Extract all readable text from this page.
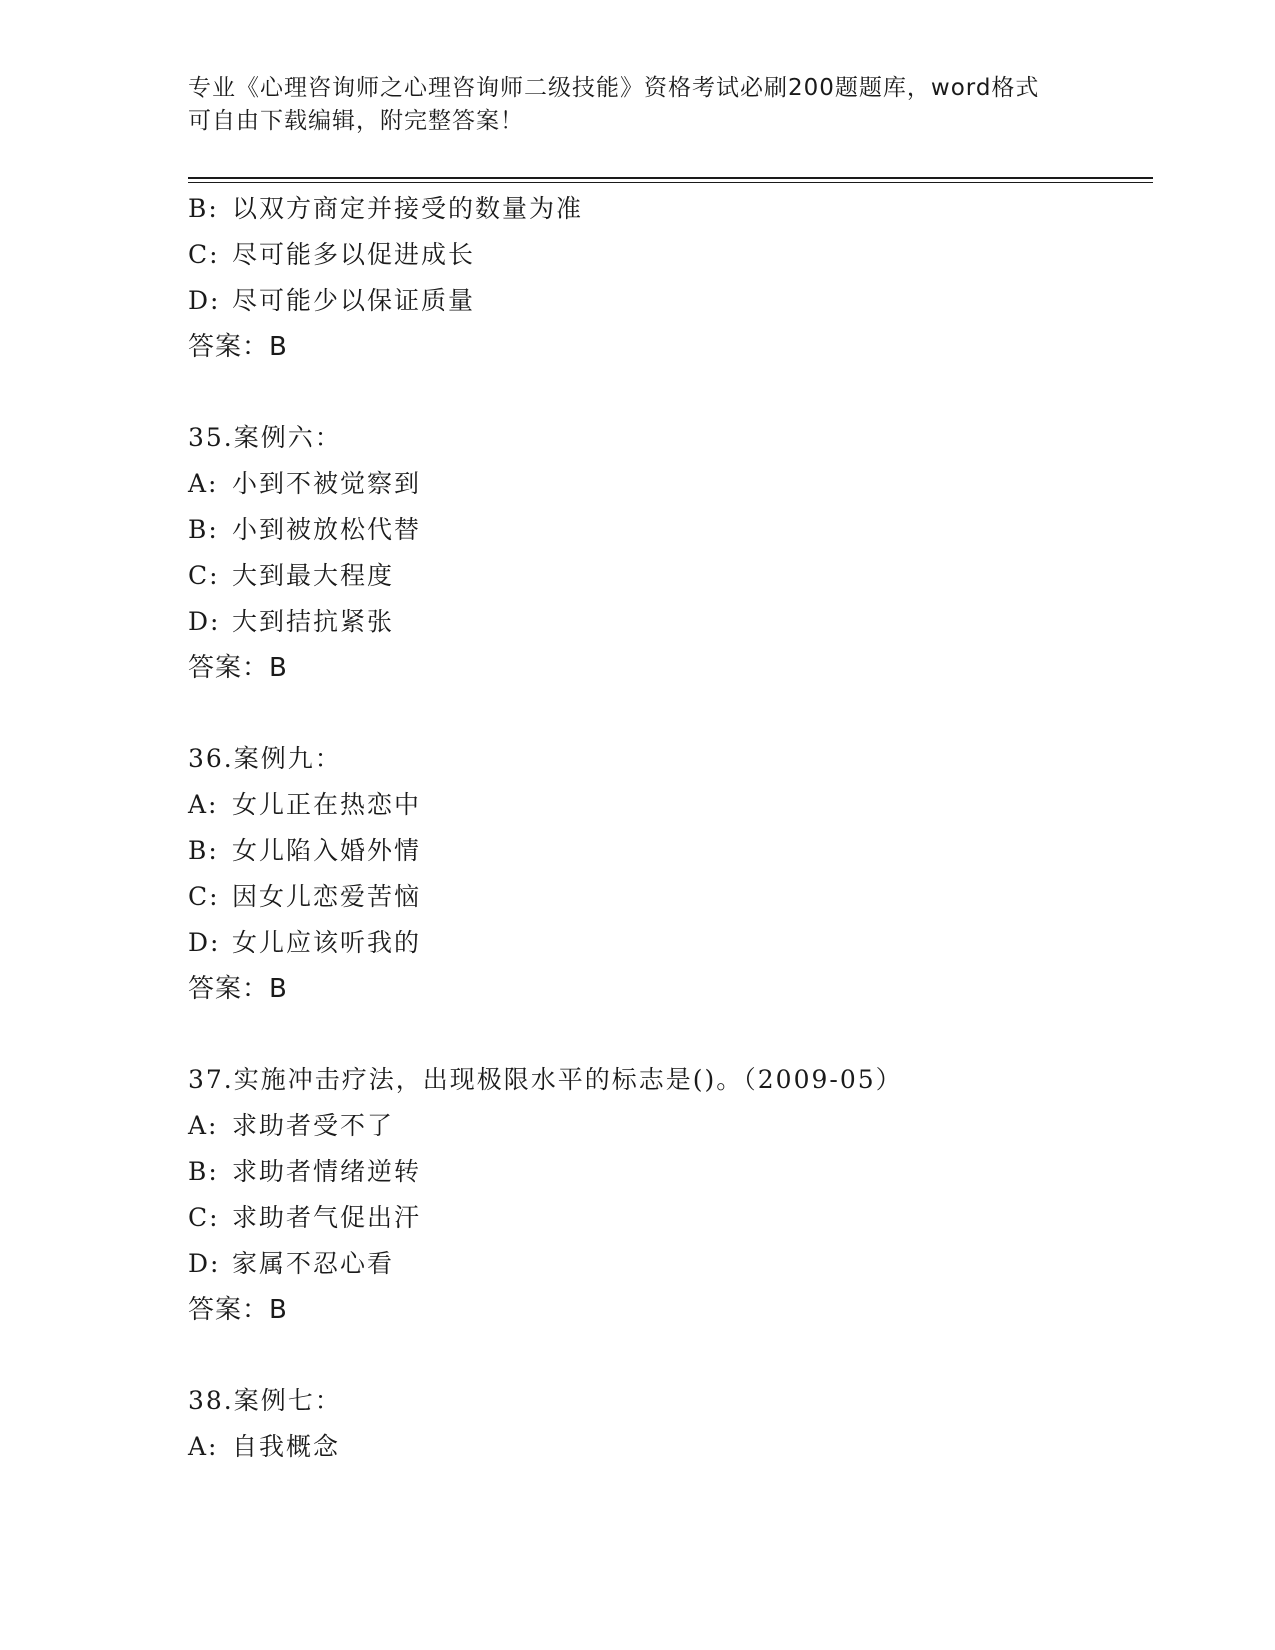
专业《心理咨询师之心理咨询师二级技能》资格考试必刷200题题库，word格式
可自由下载编辑，附完整答案！
B: 以双方商定并接受的数量为准
C: 尽可能多以促进成长
D: 尽可能少以保证质量
答案：B
35.案例六：
A: 小到不被觉察到
B: 小到被放松代替
C: 大到最大程度
D: 大到拮抗紧张
答案：B
36.案例九：
A: 女儿正在热恋中
B: 女儿陷入婚外情
C: 因女儿恋爱苦恼
D: 女儿应该听我的
答案：B
37.实施冲击疗法，出现极限水平的标志是()。（2009-05）
A: 求助者受不了
B: 求助者情绪逆转
C: 求助者气促出汗
D: 家属不忍心看
答案：B
38.案例七：
A: 自我概念
